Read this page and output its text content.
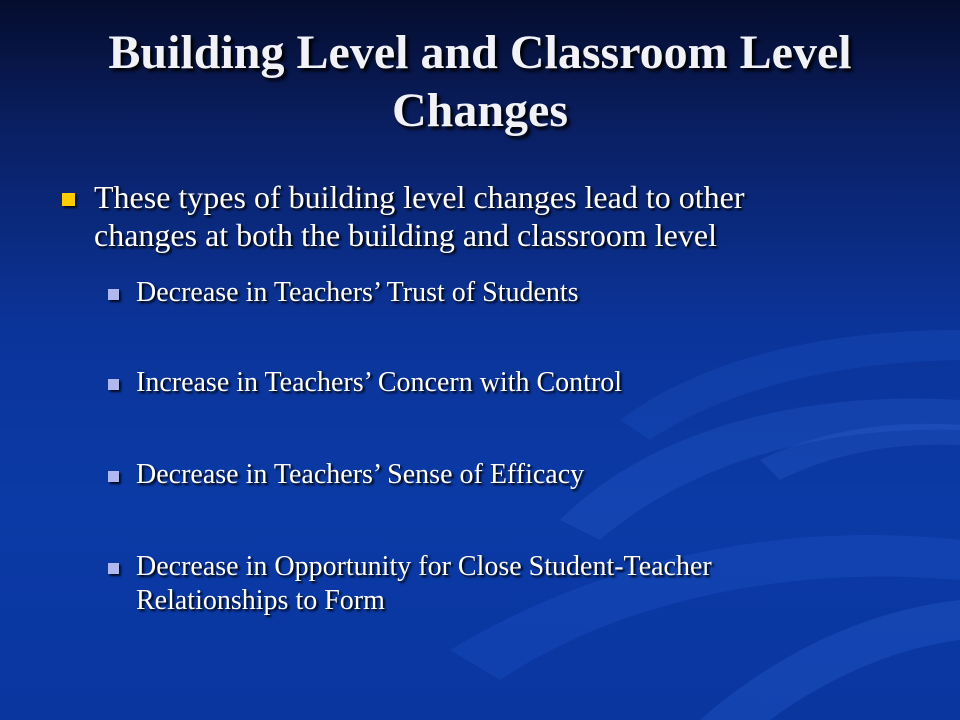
Building Level and Classroom Level
Changes
These types of building level changes lead to other
changes at both the building and classroom level
Decrease in Teachers’ Trust of Students
Increase in Teachers’ Concern with Control
Decrease in Teachers’ Sense of Efficacy
Decrease in Opportunity for Close Student-Teacher
Relationships to Form
